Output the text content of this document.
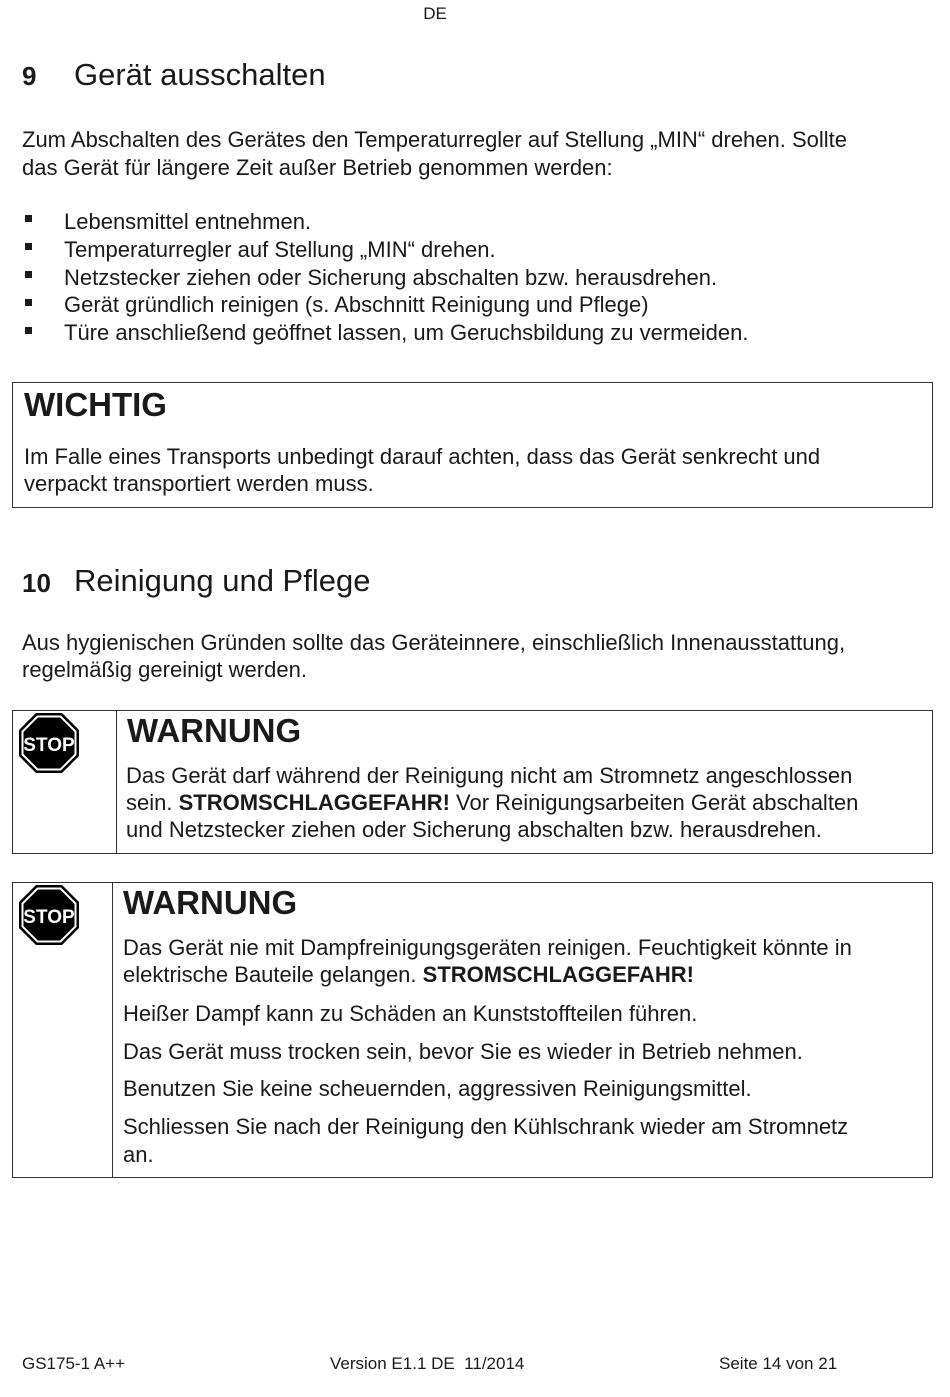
DE
9 Gerät ausschalten
Zum Abschalten des Gerätes den Temperaturregler auf Stellung „MIN“ drehen. Sollte
das Gerät für längere Zeit außer Betrieb genommen werden:
Lebensmittel entnehmen.
Temperaturregler auf Stellung „MIN“ drehen.
Netzstecker ziehen oder Sicherung abschalten bzw. herausdrehen.
Gerät gründlich reinigen (s. Abschnitt Reinigung und Pflege)
Türe anschließend geöffnet lassen, um Geruchsbildung zu vermeiden.
WICHTIG
Im Falle eines Transports unbedingt darauf achten, dass das Gerät senkrecht und
verpackt transportiert werden muss.
10 Reinigung und Pflege
Aus hygienischen Gründen sollte das Geräteinnere, einschließlich Innenausstattung,
regelmäßig gereinigt werden.
STOP WARNUNG
Das Gerät darf während der Reinigung nicht am Stromnetz angeschlossen
sein. STROMSCHLAGGEFAHR! Vor Reinigungsarbeiten Gerät abschalten
und Netzstecker ziehen oder Sicherung abschalten bzw. herausdrehen.
STOP WARNUNG
Das Gerät nie mit Dampfreinigungsgeräten reinigen. Feuchtigkeit könnte in
elektrische Bauteile gelangen. STROMSCHLAGGEFAHR!
Heißer Dampf kann zu Schäden an Kunststoffteilen führen.
Das Gerät muss trocken sein, bevor Sie es wieder in Betrieb nehmen.
Benutzen Sie keine scheuernden, aggressiven Reinigungsmittel.
Schliessen Sie nach der Reinigung den Kühlschrank wieder am Stromnetz
an.
GS175-1 A++	Version E1.1 DE  11/2014	Seite 14 von 21
